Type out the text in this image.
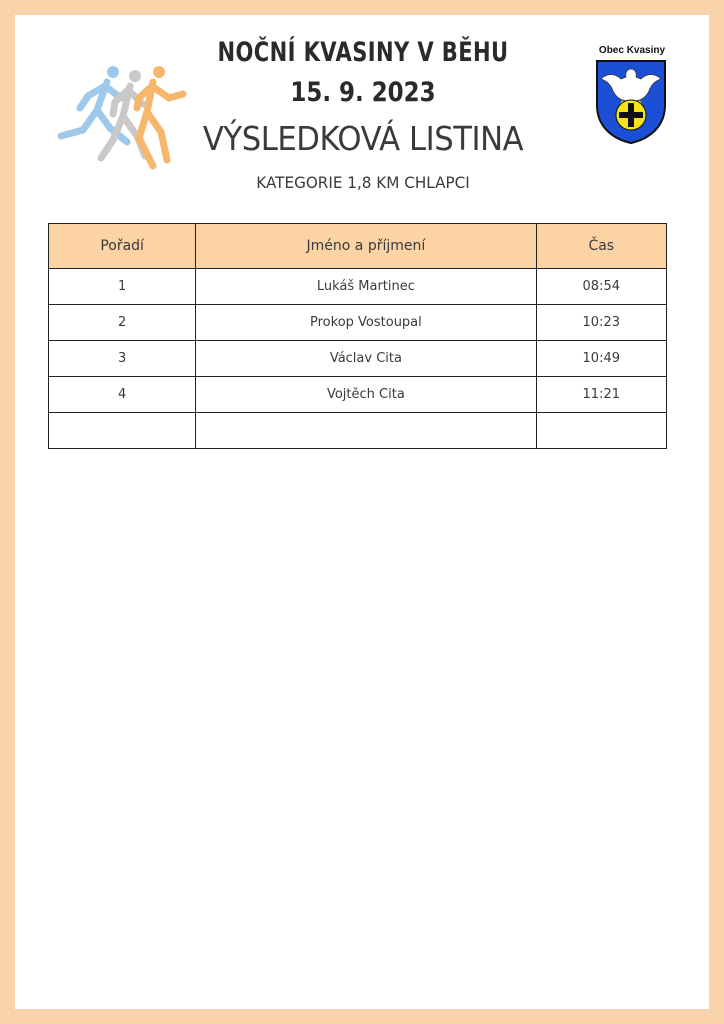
NOČNÍ KVASINY V BĚHU
15. 9. 2023
VÝSLEDKOVÁ LISTINA
KATEGORIE 1,8 KM CHLAPCI
Obec Kvasiny
Pořadí	Jméno a příjmení	Čas
1	Lukáš Martinec	08:54
2	Prokop Vostoupal	10:23
3	Václav Cita	10:49
4	Vojtěch Cita	11:21
